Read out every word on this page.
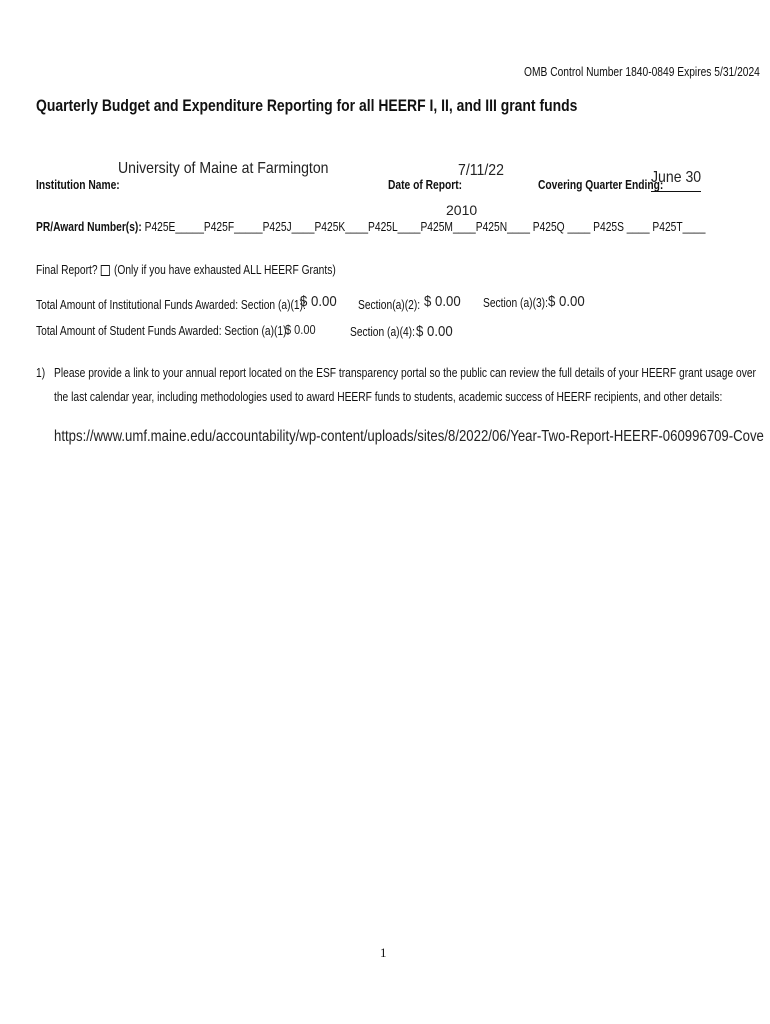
OMB Control Number 1840-0849 Expires 5/31/2024
Quarterly Budget and Expenditure Reporting for all HEERF I, II, and III grant funds
Institution Name:
University of Maine at Farmington
Date of Report:
7/11/22
Covering Quarter Ending:
June 30
PR/Award Number(s): P425E_____P425F_____P425J____P425K____P425L____P425M____P425N____ P425Q ____ P425S ____ P425T____
2010
Final Report? (Only if you have exhausted ALL HEERF Grants)
Total Amount of Institutional Funds Awarded: Section (a)(1):
$ 0.00 Section(a)(2): $ 0.00 Section (a)(3): $ 0.00
Total Amount of Student Funds Awarded: Section (a)(1):
$ 0.00	Section (a)(4): $ 0.00
1) Please provide a link to your annual report located on the ESF transparency portal so the public can review the full details of your HEERF grant usage over
the last calendar year, including methodologies used to award HEERF funds to students, academic success of HEERF recipients, and other details:
https://www.umf.maine.edu/accountability/wp-content/uploads/sites/8/2022/06/Year-Two-Report-HEERF-060996709-Cove
1
